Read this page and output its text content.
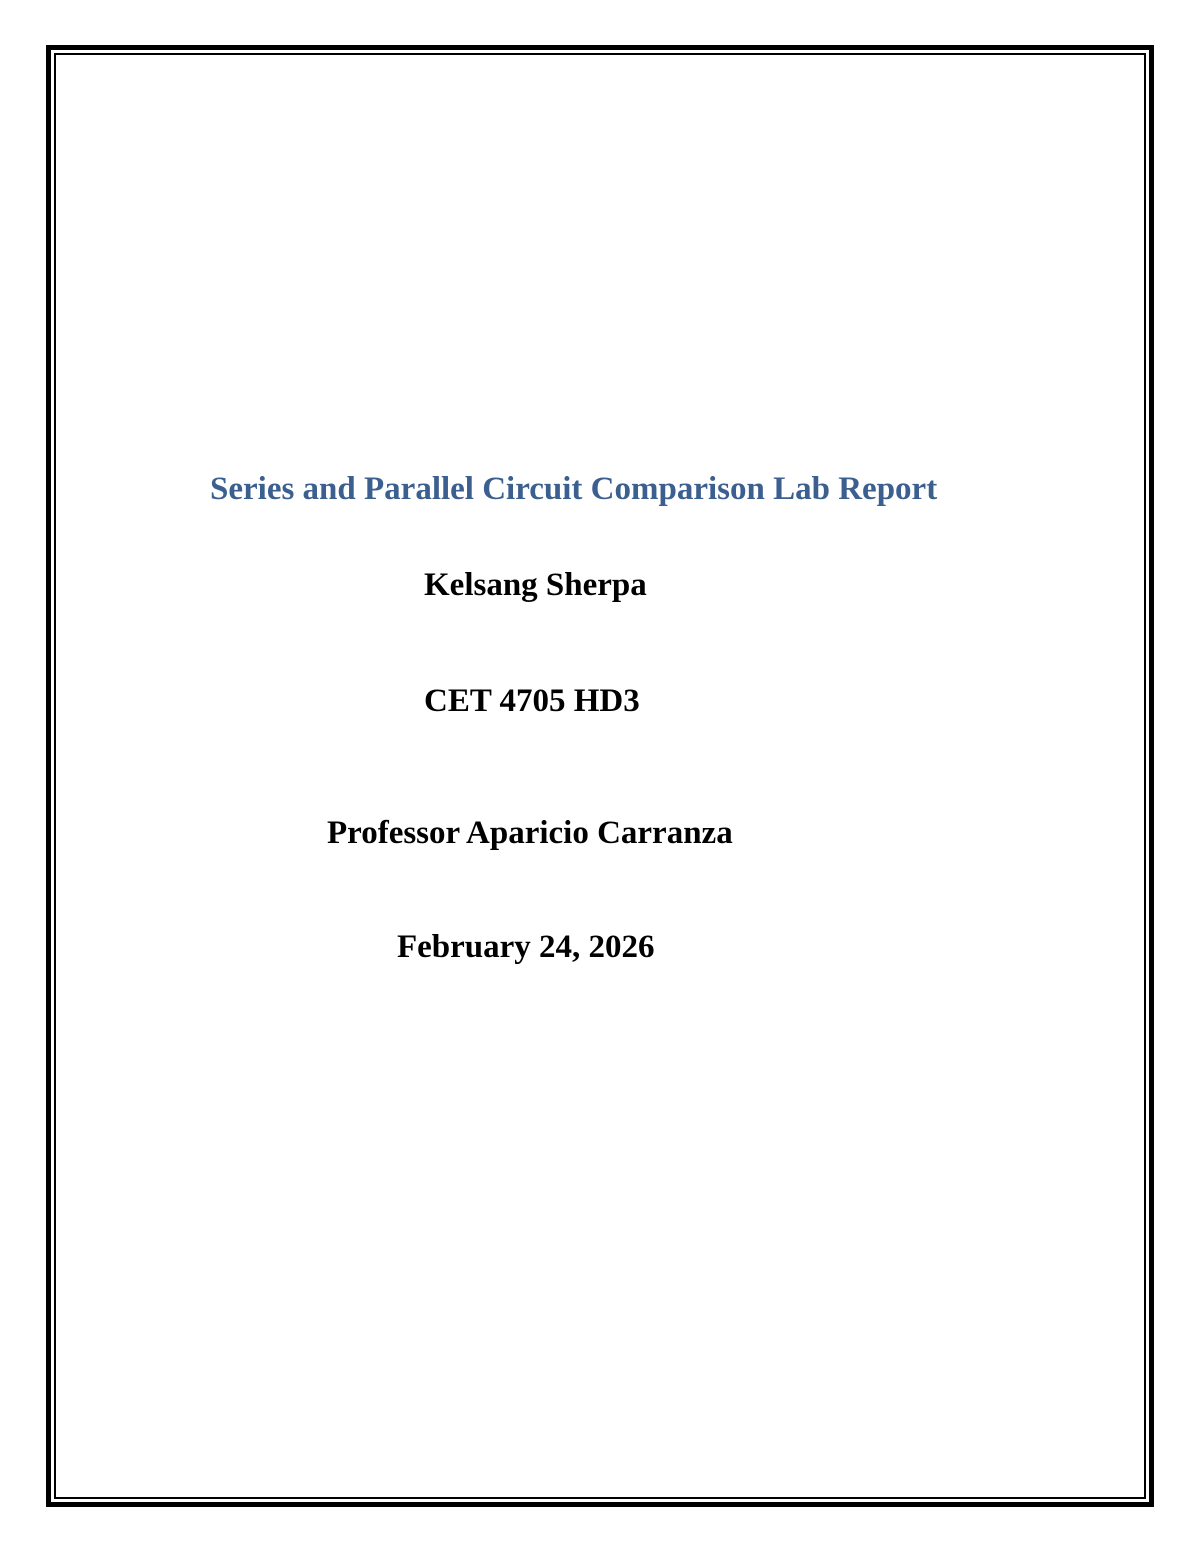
Series and Parallel Circuit Comparison Lab Report

Kelsang Sherpa

CET 4705 HD3

Professor Aparicio Carranza

February 24, 2026
